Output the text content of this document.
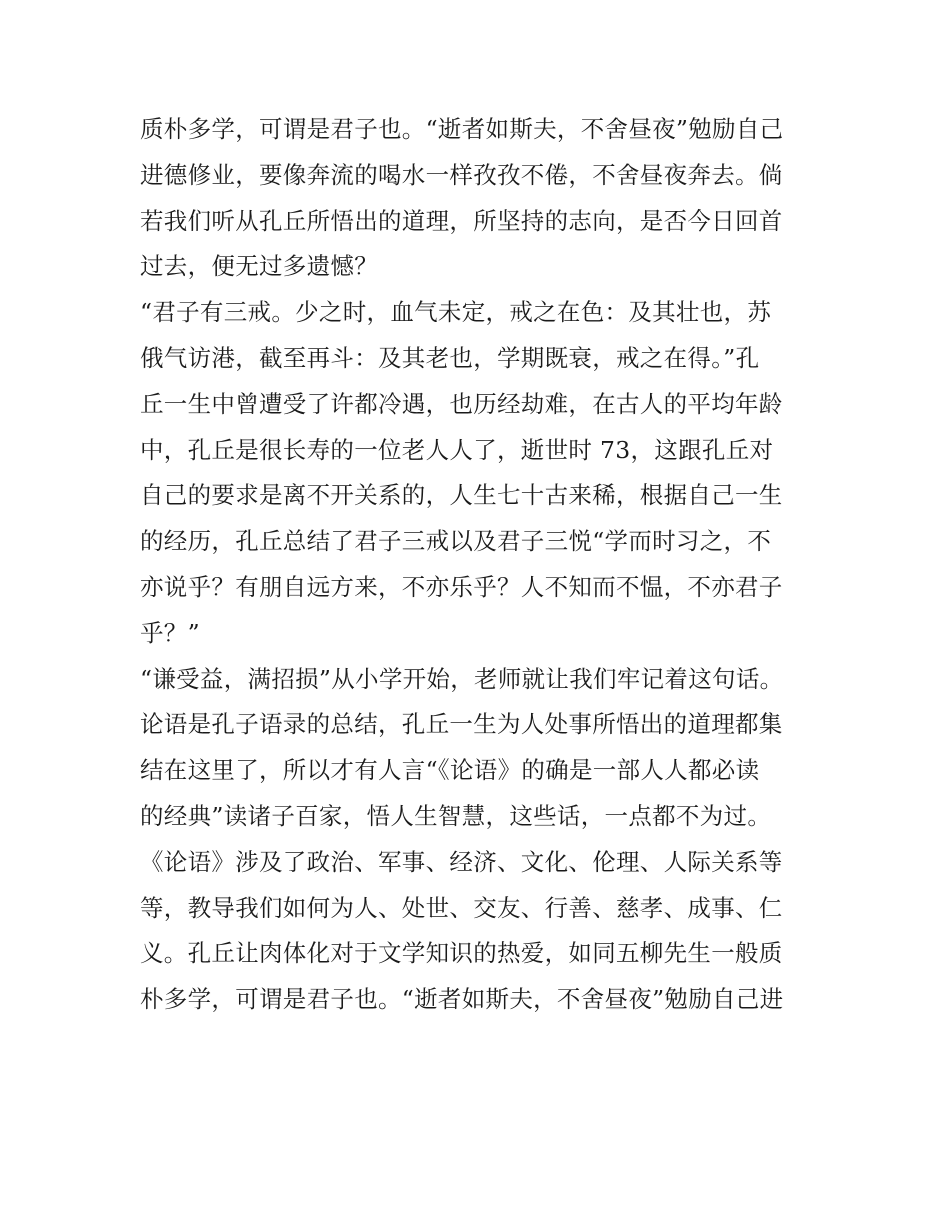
质朴多学，可谓是君子也。“逝者如斯夫，不舍昼夜”勉励自己
进德修业，要像奔流的喝水一样孜孜不倦，不舍昼夜奔去。倘
若我们听从孔丘所悟出的道理，所坚持的志向，是否今日回首
过去，便无过多遗憾？
“君子有三戒。少之时，血气未定，戒之在色：及其壮也，苏
俄气访港，截至再斗：及其老也，学期既衰，戒之在得。”孔
丘一生中曾遭受了许都冷遇，也历经劫难，在古人的平均年龄
中，孔丘是很长寿的一位老人人了，逝世时 73，这跟孔丘对
自己的要求是离不开关系的，人生七十古来稀，根据自己一生
的经历，孔丘总结了君子三戒以及君子三悦“学而时习之，不
亦说乎？有朋自远方来，不亦乐乎？人不知而不愠，不亦君子
乎？”
“谦受益，满招损”从小学开始，老师就让我们牢记着这句话。
论语是孔子语录的总结，孔丘一生为人处事所悟出的道理都集
结在这里了，所以才有人言“《论语》的确是一部人人都必读
的经典”读诸子百家，悟人生智慧，这些话，一点都不为过。
《论语》涉及了政治、军事、经济、文化、伦理、人际关系等
等，教导我们如何为人、处世、交友、行善、慈孝、成事、仁
义。孔丘让肉体化对于文学知识的热爱，如同五柳先生一般质
朴多学，可谓是君子也。“逝者如斯夫，不舍昼夜”勉励自己进
